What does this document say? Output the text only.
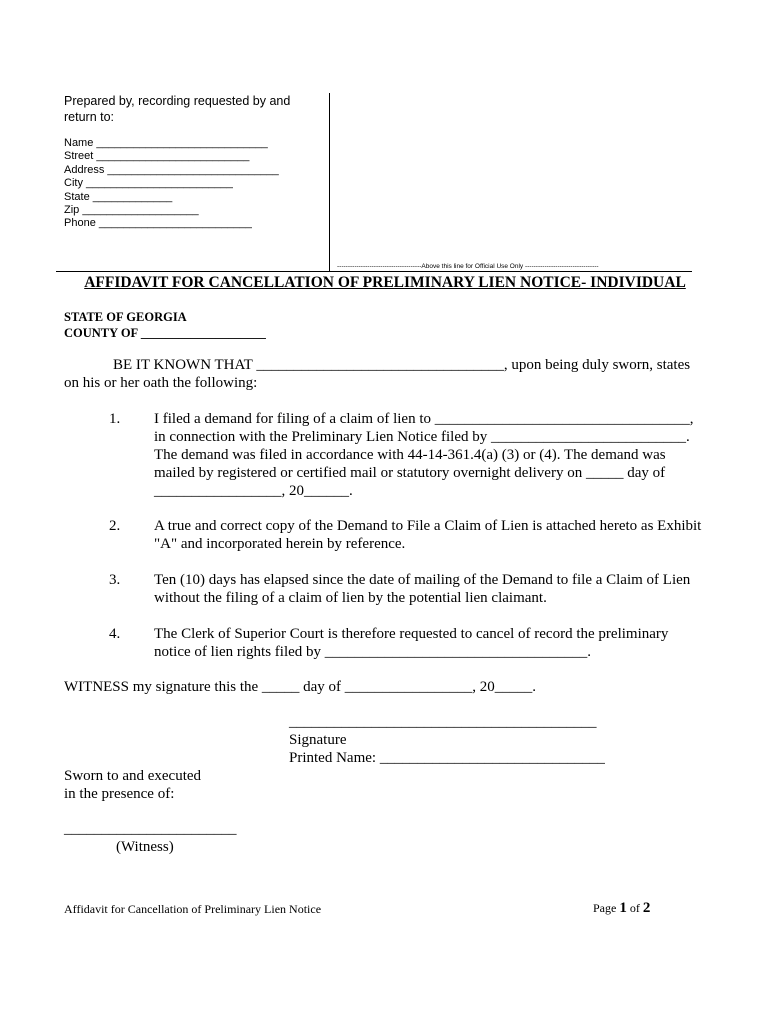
Prepared by, recording requested by and return to:
Name ____________________________
Street _________________________
Address ____________________________
City ________________________
State _____________
Zip ___________________
Phone _________________________
---------------------------------------Above this line for Official Use Only ----------------------------------
AFFIDAVIT FOR CANCELLATION OF PRELIMINARY LIEN NOTICE- INDIVIDUAL
STATE OF GEORGIA
COUNTY OF ____________________
BE IT KNOWN THAT _________________________________, upon being duly sworn, states
on his or her oath the following:
1.	I filed a demand for filing of a claim of lien to __________________________________,
in connection with the Preliminary Lien Notice filed by __________________________.
The demand was filed in accordance with 44-14-361.4(a) (3) or (4). The demand was
mailed by registered or certified mail or statutory overnight delivery on _____ day of
_________________, 20______.
2.	A true and correct copy of the Demand to File a Claim of Lien is attached hereto as Exhibit
"A" and incorporated herein by reference.
3.	Ten (10) days has elapsed since the date of mailing of the Demand to file a Claim of Lien
without the filing of a claim of lien by the potential lien claimant.
4.	The Clerk of Superior Court is therefore requested to cancel of record the preliminary
notice of lien rights filed by ___________________________________.
WITNESS my signature this the _____ day of _________________, 20_____.
_________________________________________
Signature
Printed Name: ______________________________
Sworn to and executed
in the presence of:
_______________________
(Witness)
Affidavit for Cancellation of Preliminary Lien Notice	Page 1 of 2
